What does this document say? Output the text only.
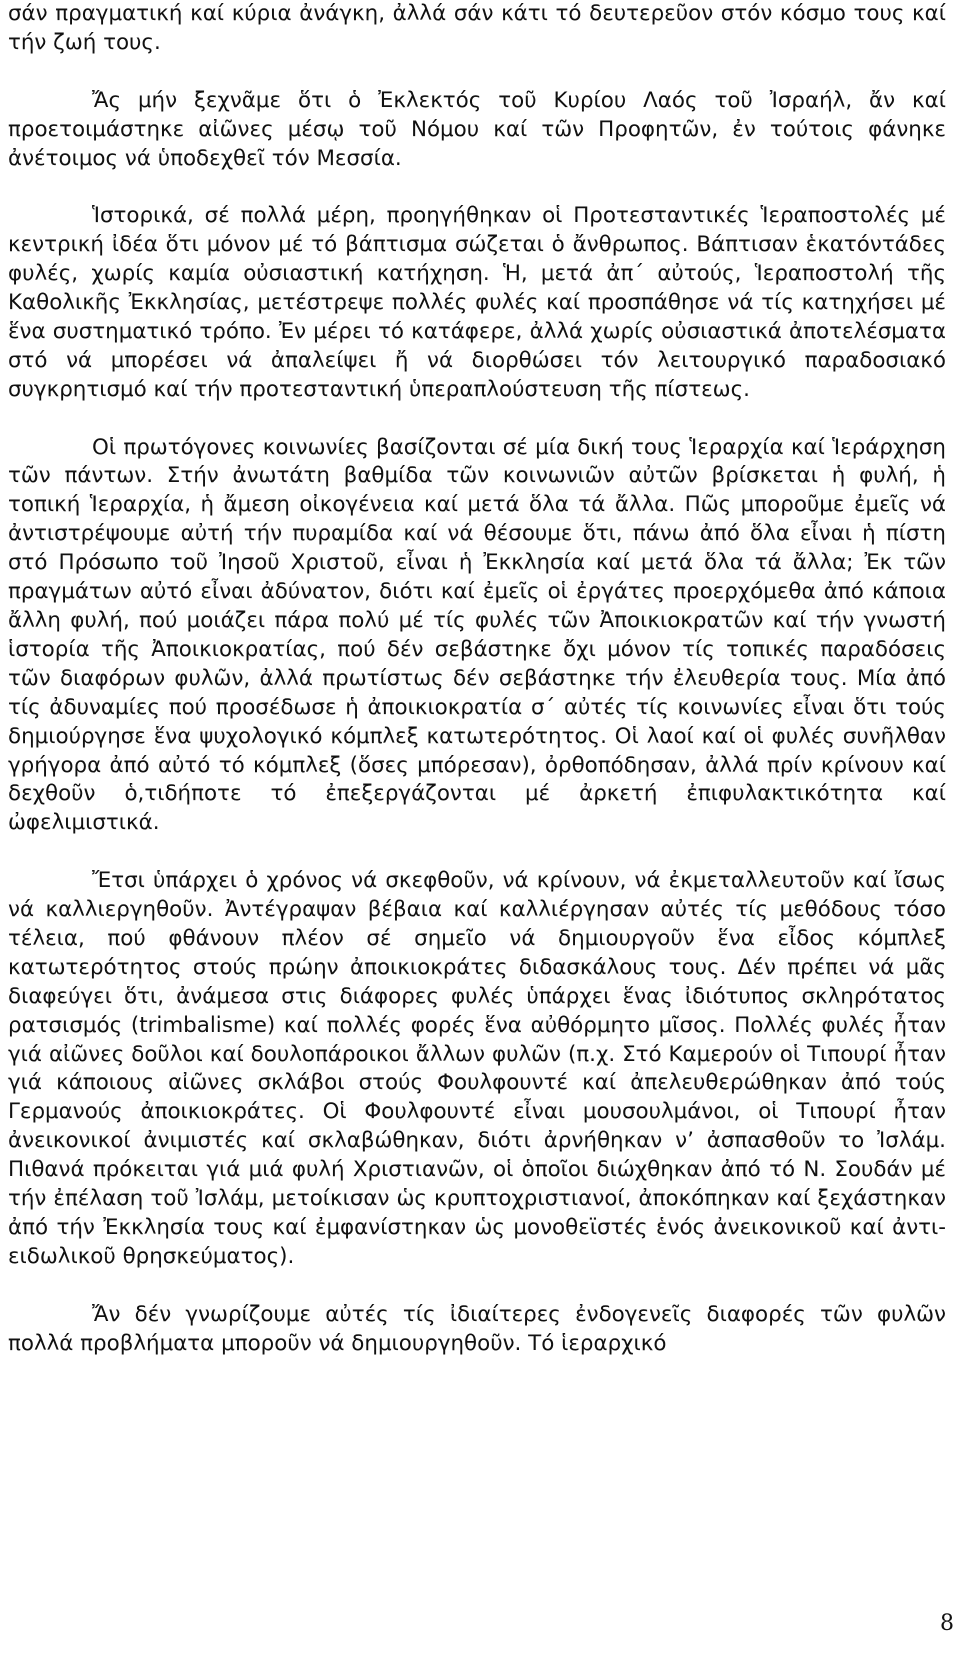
σάν πραγματική καί κύρια ἀνάγκη, ἀλλά σάν κάτι τό δευτερεῦον στόν κόσμο τους καί τήν ζωή τους.

Ἄς μήν ξεχνᾶμε ὅτι ὁ Ἐκλεκτός τοῦ Κυρίου Λαός τοῦ Ἰσραήλ, ἄν καί προετοιμάστηκε αἰῶνες μέσῳ τοῦ Νόμου καί τῶν Προφητῶν, ἐν τούτοις φάνηκε ἀνέτοιμος νά ὑποδεχθεῖ τόν Μεσσία.

Ἱστορικά, σέ πολλά μέρη, προηγήθηκαν οἱ Προτεσταντικές Ἱεραποστολές μέ κεντρική ἰδέα ὅτι μόνον μέ τό βάπτισμα σώζεται ὁ ἄνθρωπος. Βάπτισαν ἑκατόντάδες φυλές, χωρίς καμία οὐσιαστική κατήχηση. Ἡ, μετά ἀπ΄ αὐτούς, Ἱεραποστολή τῆς Καθολικῆς Ἐκκλησίας, μετέστρεψε πολλές φυλές καί προσπάθησε νά τίς κατηχήσει μέ ἕνα συστηματικό τρόπο. Ἐν μέρει τό κατάφερε, ἀλλά χωρίς οὐσιαστικά ἀποτελέσματα στό νά μπορέσει νά ἀπαλείψει ἤ νά διορθώσει τόν λειτουργικό παραδοσιακό συγκρητισμό καί τήν προτεσταντική ὑπεραπλούστευση τῆς πίστεως.

Οἱ πρωτόγονες κοινωνίες βασίζονται σέ μία δική τους Ἱεραρχία καί Ἱεράρχηση τῶν πάντων. Στήν ἀνωτάτη βαθμίδα τῶν κοινωνιῶν αὐτῶν βρίσκεται ἡ φυλή, ἡ τοπική Ἱεραρχία, ἡ ἄμεση οἰκογένεια καί μετά ὅλα τά ἄλλα. Πῶς μποροῦμε ἐμεῖς νά ἀντιστρέψουμε αὐτή τήν πυραμίδα καί νά θέσουμε ὅτι, πάνω ἀπό ὅλα εἶναι ἡ πίστη στό Πρόσωπο τοῦ Ἰησοῦ Χριστοῦ, εἶναι ἡ Ἐκκλησία καί μετά ὅλα τά ἄλλα; Ἐκ τῶν πραγμάτων αὐτό εἶναι ἀδύνατον, διότι καί ἐμεῖς οἱ ἐργάτες προερχόμεθα ἀπό κάποια ἄλλη φυλή, πού μοιάζει πάρα πολύ μέ τίς φυλές τῶν Ἀποικιοκρατῶν καί τήν γνωστή ἱστορία τῆς Ἀποικιοκρατίας, πού δέν σεβάστηκε ὄχι μόνον τίς τοπικές παραδόσεις τῶν διαφόρων φυλῶν, ἀλλά πρωτίστως δέν σεβάστηκε τήν ἐλευθερία τους. Μία ἀπό τίς ἀδυναμίες πού προσέδωσε ἡ ἀποικιοκρατία σ΄ αὐτές τίς κοινωνίες εἶναι ὅτι τούς δημιούργησε ἕνα ψυχολογικό κόμπλεξ κατωτερότητος. Οἱ λαοί καί οἱ φυλές συνῆλθαν γρήγορα ἀπό αὐτό τό κόμπλεξ (ὅσες μπόρεσαν), ὀρθοπόδησαν, ἀλλά πρίν κρίνουν καί δεχθοῦν ὁ,τιδήποτε τό ἐπεξεργάζονται μέ ἀρκετή ἐπιφυλακτικότητα καί ὠφελιμιστικά.

Ἔτσι ὑπάρχει ὁ χρόνος νά σκεφθοῦν, νά κρίνουν, νά ἐκμεταλλευτοῦν καί ἴσως νά καλλιεργηθοῦν. Ἀντέγραψαν βέβαια καί καλλιέργησαν αὐτές τίς μεθόδους τόσο τέλεια, πού φθάνουν πλέον σέ σημεῖο νά δημιουργοῦν ἕνα εἶδος κόμπλεξ κατωτερότητος στούς πρώην ἀποικιοκράτες διδασκάλους τους. Δέν πρέπει νά μᾶς διαφεύγει ὅτι, ἀνάμεσα στις διάφορες φυλές ὑπάρχει ἕνας ἰδιότυπος σκληρότατος ρατσισμός (trimbalisme) καί πολλές φορές ἕνα αὐθόρμητο μῖσος. Πολλές φυλές ἦταν γιά αἰῶνες δοῦλοι καί δουλοπάροικοι ἄλλων φυλῶν (π.χ. Στό Καμερούν οἱ Τιπουρί ἦταν γιά κάποιους αἰῶνες σκλάβοι στούς Φουλφουντέ καί ἀπελευθερώθηκαν ἀπό τούς Γερμανούς ἀποικιοκράτες. Οἱ Φουλφουντέ εἶναι μουσουλμάνοι, οἱ Τιπουρί ἦταν ἀνεικονικοί ἀνιμιστές καί σκλαβώθηκαν, διότι ἀρνήθηκαν ν’ ἀσπασθοῦν το Ἰσλάμ. Πιθανά πρόκειται γιά μιά φυλή Χριστιανῶν, οἱ ὁποῖοι διώχθηκαν ἀπό τό Ν. Σουδάν μέ τήν ἐπέλαση τοῦ Ἰσλάμ, μετοίκισαν ὡς κρυπτοχριστιανοί, ἀποκόπηκαν καί ξεχάστηκαν ἀπό τήν Ἐκκλησία τους καί ἐμφανίστηκαν ὡς μονοθεϊστές ἑνός ἀνεικονικοῦ καί ἀντι-ειδωλικοῦ θρησκεύματος).

Ἄν δέν γνωρίζουμε αὐτές τίς ἰδιαίτερες ἐνδογενεῖς διαφορές τῶν φυλῶν πολλά προβλήματα μποροῦν νά δημιουργηθοῦν. Τό ἱεραρχικό

8
